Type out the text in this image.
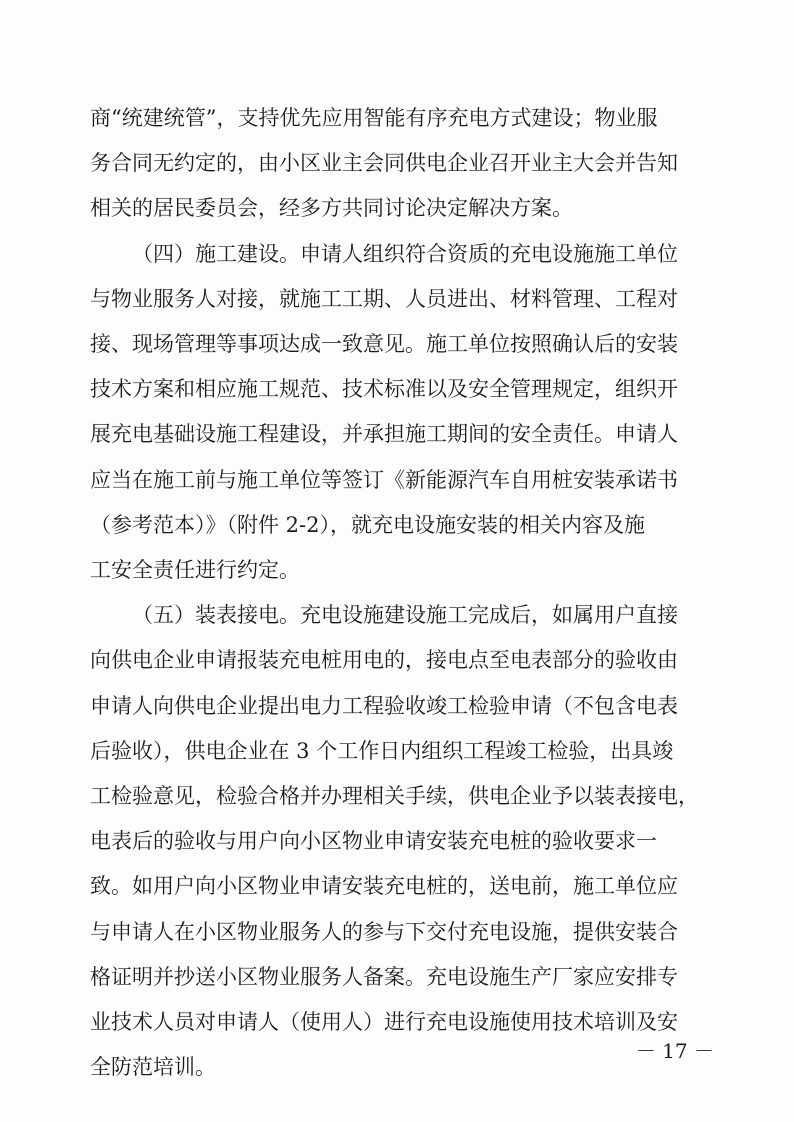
商“统建统管”，支持优先应用智能有序充电方式建设；物业服
务合同无约定的，由小区业主会同供电企业召开业主大会并告知
相关的居民委员会，经多方共同讨论决定解决方案。
（四）施工建设。申请人组织符合资质的充电设施施工单位
与物业服务人对接，就施工工期、人员进出、材料管理、工程对
接、现场管理等事项达成一致意见。施工单位按照确认后的安装
技术方案和相应施工规范、技术标准以及安全管理规定，组织开
展充电基础设施工程建设，并承担施工期间的安全责任。申请人
应当在施工前与施工单位等签订《新能源汽车自用桩安装承诺书
（参考范本）》（附件 2-2），就充电设施安装的相关内容及施
工安全责任进行约定。
（五）装表接电。充电设施建设施工完成后，如属用户直接
向供电企业申请报装充电桩用电的，接电点至电表部分的验收由
申请人向供电企业提出电力工程验收竣工检验申请（不包含电表
后验收），供电企业在 3 个工作日内组织工程竣工检验，出具竣
工检验意见，检验合格并办理相关手续，供电企业予以装表接电，
电表后的验收与用户向小区物业申请安装充电桩的验收要求一
致。如用户向小区物业申请安装充电桩的，送电前，施工单位应
与申请人在小区物业服务人的参与下交付充电设施，提供安装合
格证明并抄送小区物业服务人备案。充电设施生产厂家应安排专
业技术人员对申请人（使用人）进行充电设施使用技术培训及安
全防范培训。
－ 17 －
